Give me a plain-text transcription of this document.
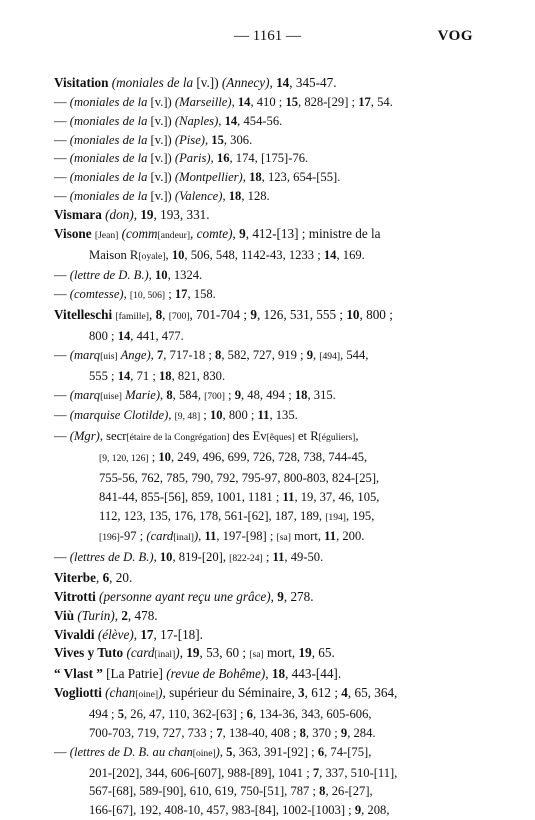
— 1161 —	VOG
Visitation (moniales de la [v.]) (Annecy), 14, 345-47.
— (moniales de la [v.]) (Marseille), 14, 410 ; 15, 828-[29] ; 17, 54.
— (moniales de la [v.]) (Naples), 14, 454-56.
— (moniales de la [v.]) (Pise), 15, 306.
— (moniales de la [v.]) (Paris), 16, 174, [175]-76.
— (moniales de la [v.]) (Montpellier), 18, 123, 654-[55].
— (moniales de la [v.]) (Valence), 18, 128.
Vismara (don), 19, 193, 331.
Visone [Jean] (comm[andeur], comte), 9, 412-[13] ; ministre de la
Maison R[oyale], 10, 506, 548, 1142-43, 1233 ; 14, 169.
— (lettre de D. B.), 10, 1324.
— (comtesse), [10, 506] ; 17, 158.
Vitelleschi [famille], 8, [700], 701-704 ; 9, 126, 531, 555 ; 10, 800 ;
800 ; 14, 441, 477.
— (marq[uis] Ange), 7, 717-18 ; 8, 582, 727, 919 ; 9, [494], 544,
555 ; 14, 71 ; 18, 821, 830.
— (marq[uise] Marie), 8, 584, [700] ; 9, 48, 494 ; 18, 315.
— (marquise Clotilde), [9, 48] ; 10, 800 ; 11, 135.
— (Mgr), secr[étaire de la Congrégation] des Ev[êques] et R[éguliers],
[9, 120, 126] ; 10, 249, 496, 699, 726, 728, 738, 744-45,
755-56, 762, 785, 790, 792, 795-97, 800-803, 824-[25],
841-44, 855-[56], 859, 1001, 1181 ; 11, 19, 37, 46, 105,
112, 123, 135, 176, 178, 561-[62], 187, 189, [194], 195,
[196]-97 ; (card[inal]), 11, 197-[98] ; [sa] mort, 11, 200.
— (lettres de D. B.), 10, 819-[20], [822-24] ; 11, 49-50.
Viterbe, 6, 20.
Vitrotti (personne ayant reçu une grâce), 9, 278.
Viù (Turin), 2, 478.
Vivaldi (élève), 17, 17-[18].
Vives y Tuto (card[inal]), 19, 53, 60 ; [sa] mort, 19, 65.
“ Vlast ” [La Patrie] (revue de Bohême), 18, 443-[44].
Vogliotti (chan[oine]), supérieur du Séminaire, 3, 612 ; 4, 65, 364,
494 ; 5, 26, 47, 110, 362-[63] ; 6, 134-36, 343, 605-606,
700-703, 719, 727, 733 ; 7, 138-40, 408 ; 8, 370 ; 9, 284.
— (lettres de D. B. au chan[oine]), 5, 363, 391-[92] ; 6, 74-[75],
201-[202], 344, 606-[607], 988-[89], 1041 ; 7, 337, 510-[11],
567-[68], 589-[90], 610, 619, 750-[51], 787 ; 8, 26-[27],
166-[67], 192, 408-10, 457, 983-[84], 1002-[1003] ; 9, 208,
